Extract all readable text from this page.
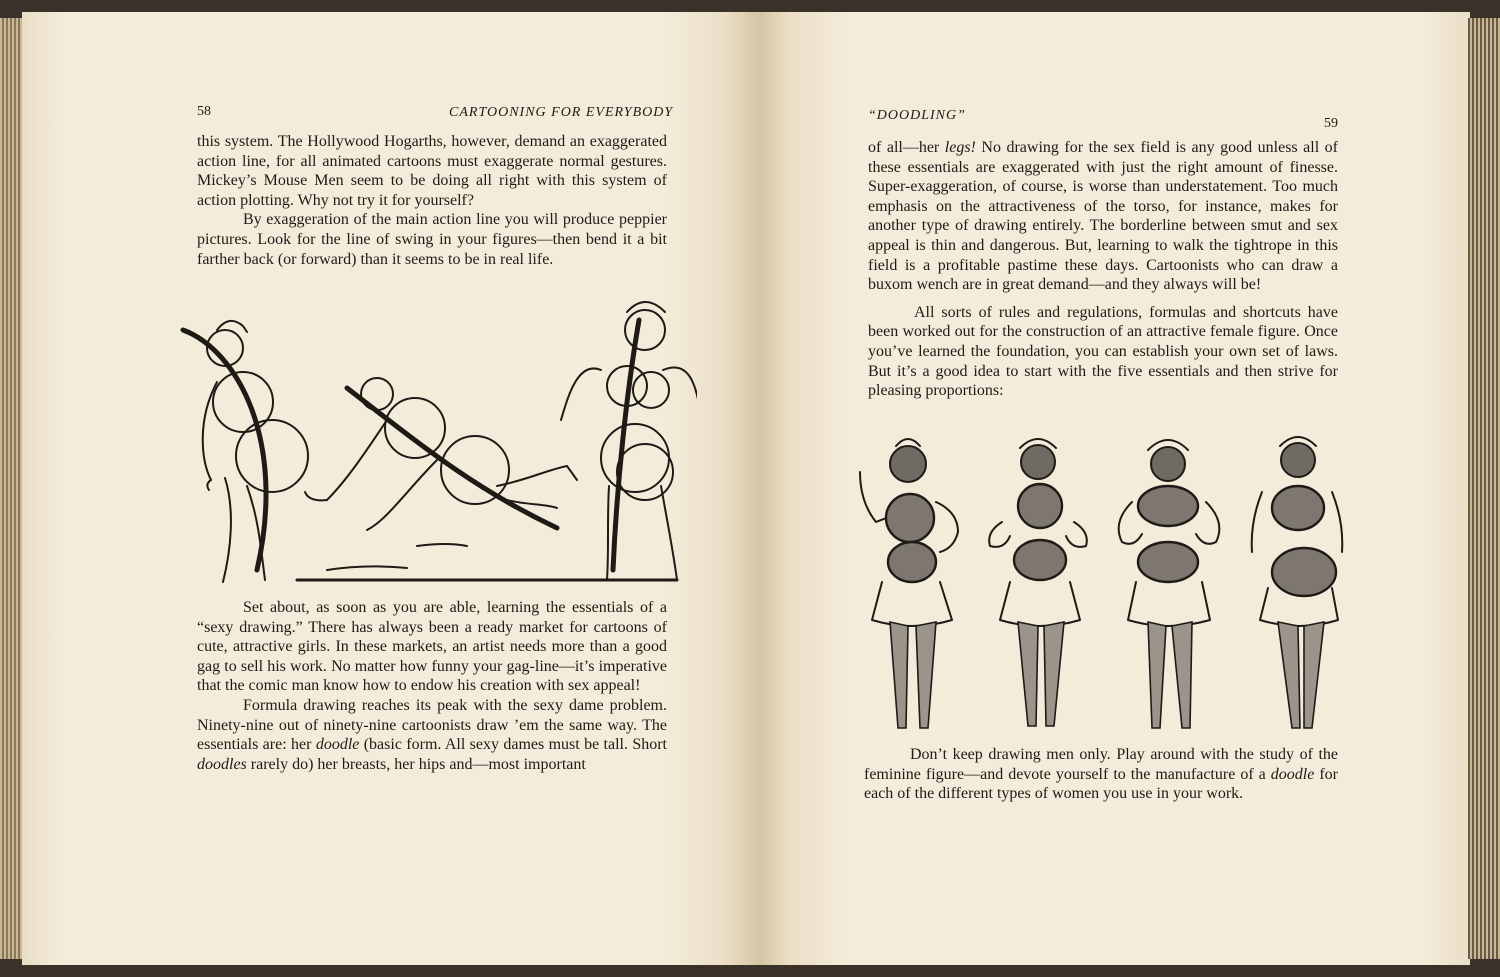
58	CARTOONING FOR EVERYBODY

this system. The Hollywood Hogarths, however, demand an exaggerated action line, for all animated cartoons must exaggerate normal gestures. Mickey’s Mouse Men seem to be doing all right with this system of action plotting. Why not try it for yourself?

By exaggeration of the main action line you will produce peppier pictures. Look for the line of swing in your figures—then bend it a bit farther back (or forward) than it seems to be in real life.

Set about, as soon as you are able, learning the essentials of a “sexy drawing.” There has always been a ready market for cartoons of cute, attractive girls. In these markets, an artist needs more than a good gag to sell his work. No matter how funny your gag-line—it’s imperative that the comic man know how to endow his creation with sex appeal!

Formula drawing reaches its peak with the sexy dame problem. Ninety-nine out of ninety-nine cartoonists draw ’em the same way. The essentials are: her doodle (basic form. All sexy dames must be tall. Short doodles rarely do) her breasts, her hips and—most important

“DOODLING”
59

of all—her legs! No drawing for the sex field is any good unless all of these essentials are exaggerated with just the right amount of finesse. Super-exaggeration, of course, is worse than understatement. Too much emphasis on the attractiveness of the torso, for instance, makes for another type of drawing entirely. The borderline between smut and sex appeal is thin and dangerous. But, learning to walk the tightrope in this field is a profitable pastime these days. Cartoonists who can draw a buxom wench are in great demand—and they always will be!

All sorts of rules and regulations, formulas and shortcuts have been worked out for the construction of an attractive female figure. Once you’ve learned the foundation, you can establish your own set of laws. But it’s a good idea to start with the five essentials and then strive for pleasing proportions:

Don’t keep drawing men only. Play around with the study of the feminine figure—and devote yourself to the manufacture of a doodle for each of the different types of women you use in your work.
